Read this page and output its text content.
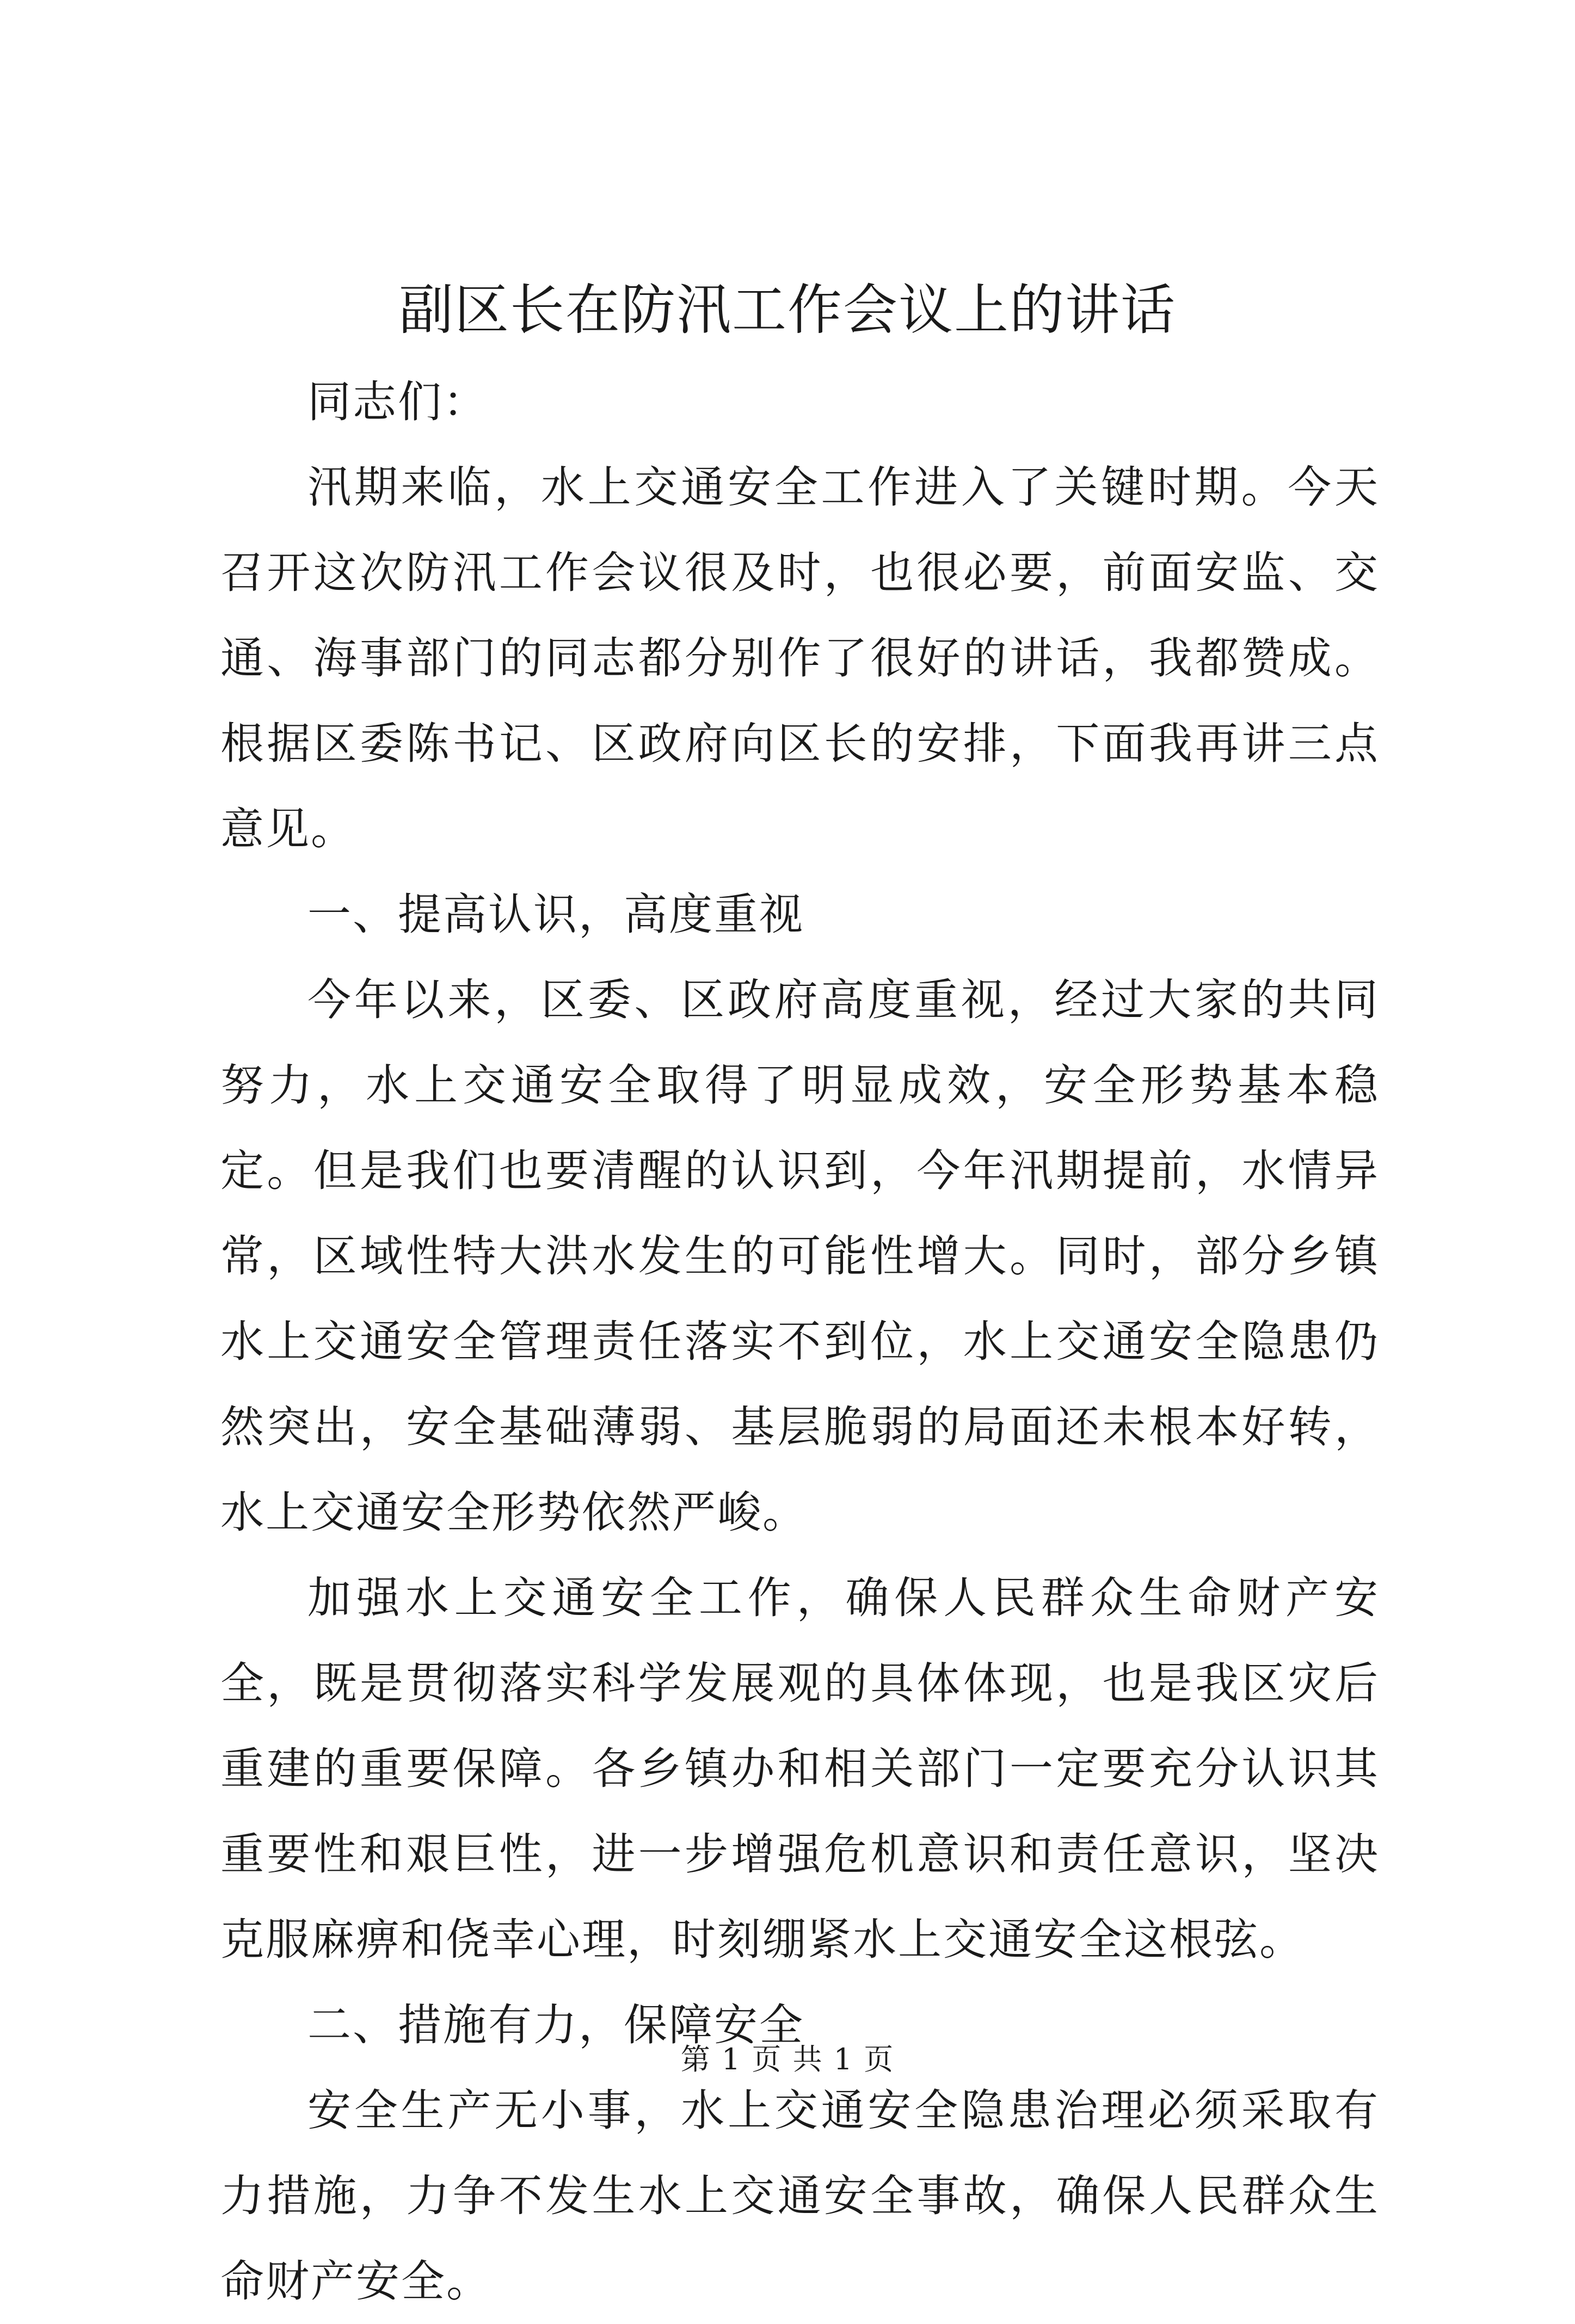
副区长在防汛工作会议上的讲话

同志们：

汛期来临，水上交通安全工作进入了关键时期。今天召开这次防汛工作会议很及时，也很必要，前面安监、交通、海事部门的同志都分别作了很好的讲话，我都赞成。根据区委陈书记、区政府向区长的安排，下面我再讲三点意见。

一、提高认识，高度重视

今年以来，区委、区政府高度重视，经过大家的共同努力，水上交通安全取得了明显成效，安全形势基本稳定。但是我们也要清醒的认识到，今年汛期提前，水情异常，区域性特大洪水发生的可能性增大。同时，部分乡镇水上交通安全管理责任落实不到位，水上交通安全隐患仍然突出，安全基础薄弱、基层脆弱的局面还未根本好转，水上交通安全形势依然严峻。

加强水上交通安全工作，确保人民群众生命财产安全，既是贯彻落实科学发展观的具体体现，也是我区灾后重建的重要保障。各乡镇办和相关部门一定要充分认识其重要性和艰巨性，进一步增强危机意识和责任意识，坚决克服麻痹和侥幸心理，时刻绷紧水上交通安全这根弦。

二、措施有力，保障安全

安全生产无小事，水上交通安全隐患治理必须采取有力措施，力争不发生水上交通安全事故，确保人民群众生命财产安全。

第 1 页 共 1 页
